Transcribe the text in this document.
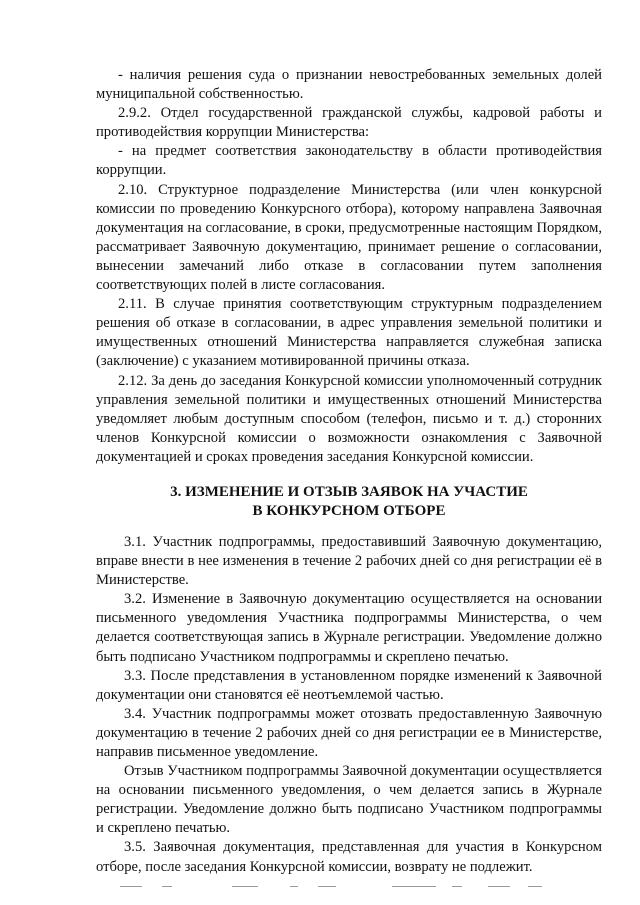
- наличия решения суда о признании невостребованных земельных долей муниципальной собственностью.

2.9.2. Отдел государственной гражданской службы, кадровой работы и противодействия коррупции Министерства:

- на предмет соответствия законодательству в области противодействия коррупции.

2.10. Структурное подразделение Министерства (или член конкурсной комиссии по проведению Конкурсного отбора), которому направлена Заявочная документация на согласование, в сроки, предусмотренные настоящим Порядком, рассматривает Заявочную документацию, принимает решение о согласовании, вынесении замечаний либо отказе в согласовании путем заполнения соответствующих полей в листе согласования.

2.11. В случае принятия соответствующим структурным подразделением решения об отказе в согласовании, в адрес управления земельной политики и имущественных отношений Министерства направляется служебная записка (заключение) с указанием мотивированной причины отказа.

2.12. За день до заседания Конкурсной комиссии уполномоченный сотрудник управления земельной политики и имущественных отношений Министерства уведомляет любым доступным способом (телефон, письмо и т. д.) сторонних членов Конкурсной комиссии о возможности ознакомления с Заявочной документацией и сроках проведения заседания Конкурсной комиссии.

3. ИЗМЕНЕНИЕ И ОТЗЫВ ЗАЯВОК НА УЧАСТИЕ
В КОНКУРСНОМ ОТБОРЕ

3.1. Участник подпрограммы, предоставивший Заявочную документацию, вправе внести в нее изменения в течение 2 рабочих дней со дня регистрации её в Министерстве.

3.2. Изменение в Заявочную документацию осуществляется на основании письменного уведомления Участника подпрограммы Министерства, о чем делается соответствующая запись в Журнале регистрации. Уведомление должно быть подписано Участником подпрограммы и скреплено печатью.

3.3. После представления в установленном порядке изменений к Заявочной документации они становятся её неотъемлемой частью.

3.4. Участник подпрограммы может отозвать предоставленную Заявочную документацию в течение 2 рабочих дней со дня регистрации ее в Министерстве, направив письменное уведомление.

Отзыв Участником подпрограммы Заявочной документации осуществляется на основании письменного уведомления, о чем делается запись в Журнале регистрации. Уведомление должно быть подписано Участником подпрограммы и скреплено печатью.

3.5. Заявочная документация, представленная для участия в Конкурсном отборе, после заседания Конкурсной комиссии, возврату не подлежит.
